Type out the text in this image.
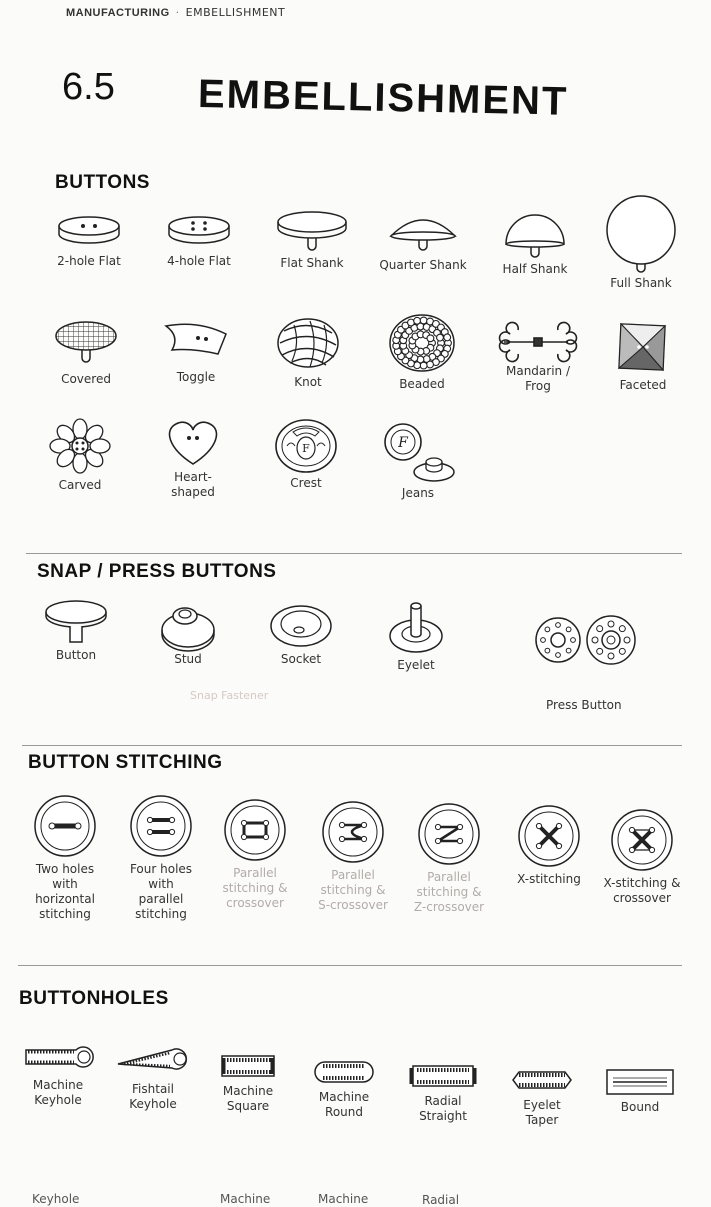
MANUFACTURING · EMBELLISHMENT
6.5 EMBELLISHMENT
BUTTONS
2-hole Flat	4-hole Flat	Flat Shank	Quarter Shank	Half Shank
Full Shank
Covered	Toggle	Knot	Beaded
Mandarin /
Frog	Faceted
Carved
Heart-
shaped
F
Crest
F
Jeans
SNAP / PRESS BUTTONS
Button	Stud	Socket	Eyelet
Snap Fastener
Press Button
BUTTON STITCHING
Two holes
with
horizontal
stitching
Four holes
with
parallel
stitching
Parallel
stitching &
crossover
Parallel
stitching &
S-crossover
Parallel
stitching &
Z-crossover
X-stitching	X-stitching &
crossover
BUTTONHOLES
Machine
Keyhole
Fishtail
Keyhole
Machine
Square
Machine
Round
Radial
Straight
Eyelet
Taper
Bound
Keyhole	Machine	Machine	Radial
